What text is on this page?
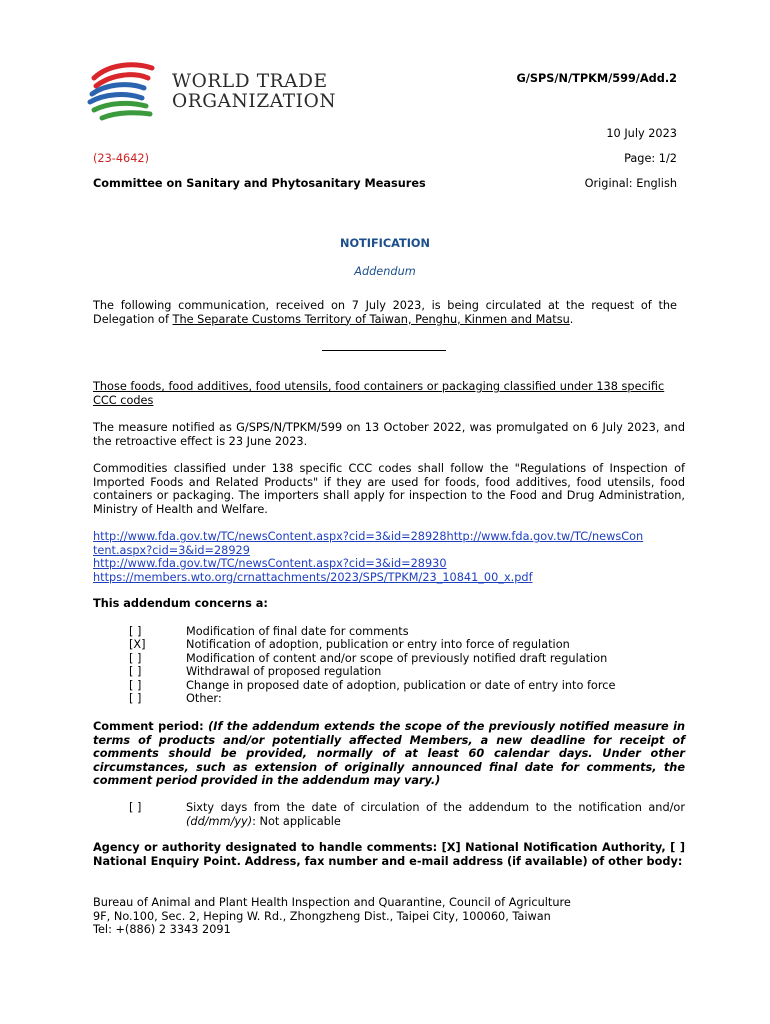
WORLD TRADE
ORGANIZATION
G/SPS/N/TPKM/599/Add.2
10 July 2023
(23-4642)	Page: 1/2
Committee on Sanitary and Phytosanitary Measures	Original: English
NOTIFICATION
Addendum
The following communication, received on 7 July 2023, is being circulated at the request of the Delegation of The Separate Customs Territory of Taiwan, Penghu, Kinmen and Matsu.
Those foods, food additives, food utensils, food containers or packaging classified under 138 specific CCC codes
The measure notified as G/SPS/N/TPKM/599 on 13 October 2022, was promulgated on 6 July 2023, and the retroactive effect is 23 June 2023.
Commodities classified under 138 specific CCC codes shall follow the "Regulations of Inspection of Imported Foods and Related Products" if they are used for foods, food additives, food utensils, food containers or packaging. The importers shall apply for inspection to the Food and Drug Administration, Ministry of Health and Welfare.
http://www.fda.gov.tw/TC/newsContent.aspx?cid=3&id=28928http://www.fda.gov.tw/TC/newsCon
tent.aspx?cid=3&id=28929
http://www.fda.gov.tw/TC/newsContent.aspx?cid=3&id=28930
https://members.wto.org/crnattachments/2023/SPS/TPKM/23_10841_00_x.pdf
This addendum concerns a:
[ ]	Modification of final date for comments
[X]	Notification of adoption, publication or entry into force of regulation
[ ]	Modification of content and/or scope of previously notified draft regulation
[ ]	Withdrawal of proposed regulation
[ ]	Change in proposed date of adoption, publication or date of entry into force
[ ]	Other:
Comment period: (If the addendum extends the scope of the previously notified measure in terms of products and/or potentially affected Members, a new deadline for receipt of comments should be provided, normally of at least 60 calendar days. Under other circumstances, such as extension of originally announced final date for comments, the comment period provided in the addendum may vary.)
[ ]	Sixty days from the date of circulation of the addendum to the notification and/or (dd/mm/yy): Not applicable
Agency or authority designated to handle comments: [X] National Notification Authority, [ ] National Enquiry Point. Address, fax number and e-mail address (if available) of other body:
Bureau of Animal and Plant Health Inspection and Quarantine, Council of Agriculture
9F, No.100, Sec. 2, Heping W. Rd., Zhongzheng Dist., Taipei City, 100060, Taiwan
Tel: +(886) 2 3343 2091
